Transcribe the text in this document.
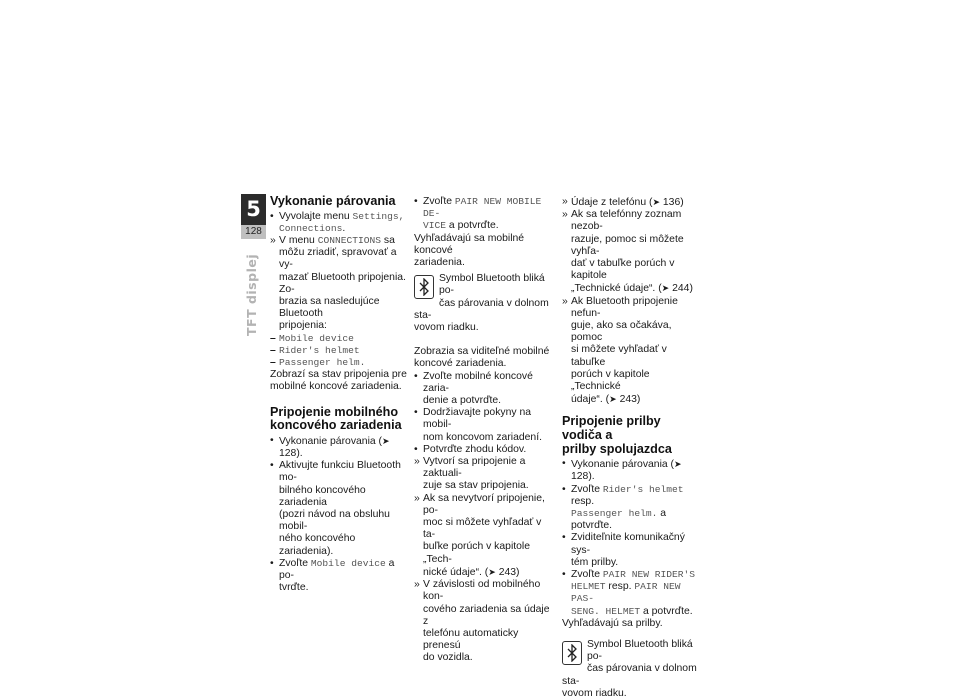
5
128
TFT displej
Vykonanie párovania
•
Vyvolajte menu Settings,
Connections.
»
V menu CONNECTIONS sa
môžu zriadiť, spravovať a vy-
mazať Bluetooth pripojenia. Zo-
brazia sa nasledujúce Bluetooth
pripojenia:
–
Mobile device
–
Rider's helmet
–
Passenger helm.

Zobrazí sa stav pripojenia pre
mobilné koncové zariadenia.

Pripojenie mobilného
koncového zariadenia
•
Vykonanie párovania (➤ 128).
•
Aktivujte funkciu Bluetooth mo-
bilného koncového zariadenia
(pozri návod na obsluhu mobil-
ného koncového zariadenia).
•
Zvoľte Mobile device a po-
tvrďte.
•
Zvoľte PAIR NEW MOBILE DE-
VICE a potvrďte.

Vyhľadávajú sa mobilné koncové
zariadenia.

Symbol Bluetooth bliká po-
čas párovania v dolnom sta-
vovom riadku.

Zobrazia sa viditeľné mobilné
koncové zariadenia.

•
Zvoľte mobilné koncové zaria-
denie a potvrďte.
•
Dodržiavajte pokyny na mobil-
nom koncovom zariadení.
•
Potvrďte zhodu kódov.
»
Vytvorí sa pripojenie a zaktuali-
zuje sa stav pripojenia.
»
Ak sa nevytvorí pripojenie, po-
moc si môžete vyhľadať v ta-
buľke porúch v kapitole „Tech-
nické údaje“. (➤ 243)
»
V závislosti od mobilného kon-
cového zariadenia sa údaje z
telefónu automaticky prenesú
do vozidla.
»
Údaje z telefónu (➤ 136)
»
Ak sa telefónny zoznam nezob-
razuje, pomoc si môžete vyhľa-
dať v tabuľke porúch v kapitole
„Technické údaje“. (➤ 244)
»
Ak Bluetooth pripojenie nefun-
guje, ako sa očakáva, pomoc
si môžete vyhľadať v tabuľke
porúch v kapitole „Technické
údaje“. (➤ 243)
Pripojenie prilby vodiča a
prilby spolujazdca
•
Vykonanie párovania (➤ 128).
•
Zvoľte Rider's helmet resp.
Passenger helm. a potvrďte.
•
Zviditeľnite komunikačný sys-
tém prilby.
•
Zvoľte PAIR NEW RIDER'S
HELMET resp. PAIR NEW PAS-
SENG. HELMET a potvrďte.

Vyhľadávajú sa prilby.

Symbol Bluetooth bliká po-
čas párovania v dolnom sta-
vovom riadku.
